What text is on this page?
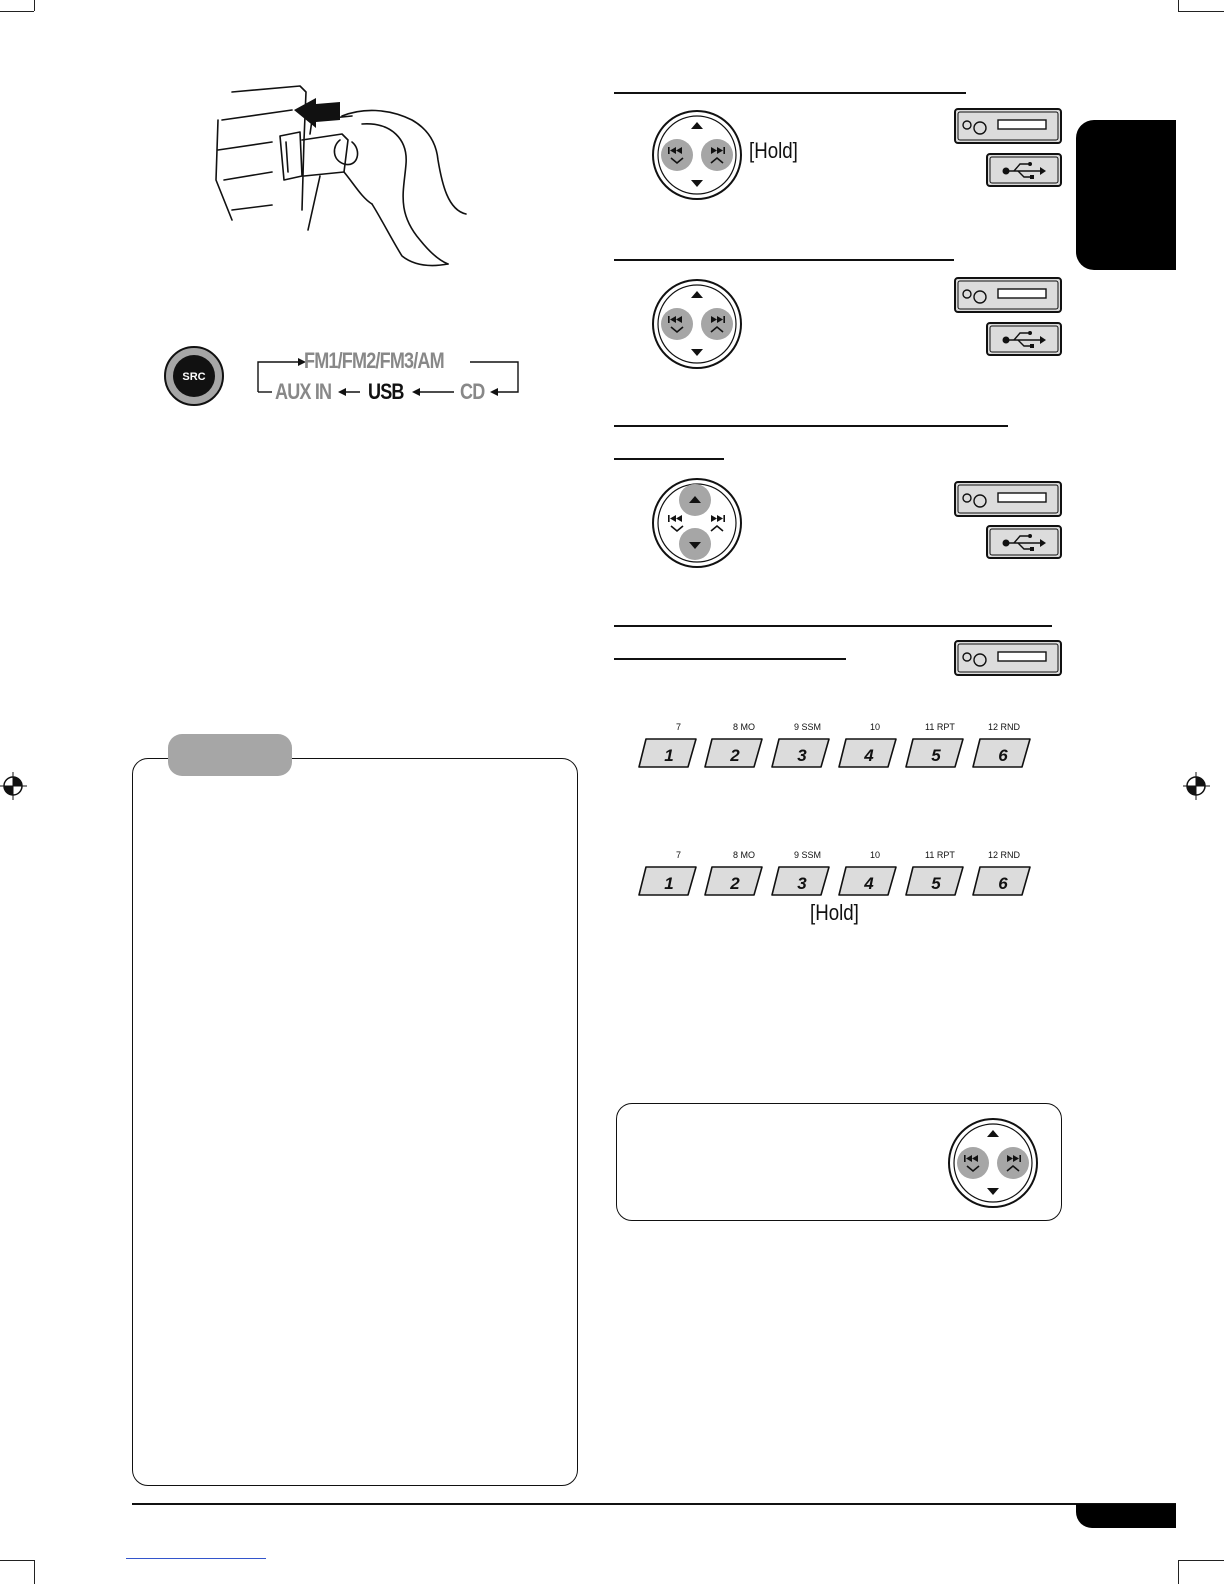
SRC
FM1/FM2/FM3/AM
AUX IN USB	CD
[Hold]
7	8 MO	9 SSM	10	11 RPT	12 RND
1	2	3	4	5	6
7	8 MO	9 SSM	10	11 RPT	12 RND
1	2	3	4	5	6
[Hold]
